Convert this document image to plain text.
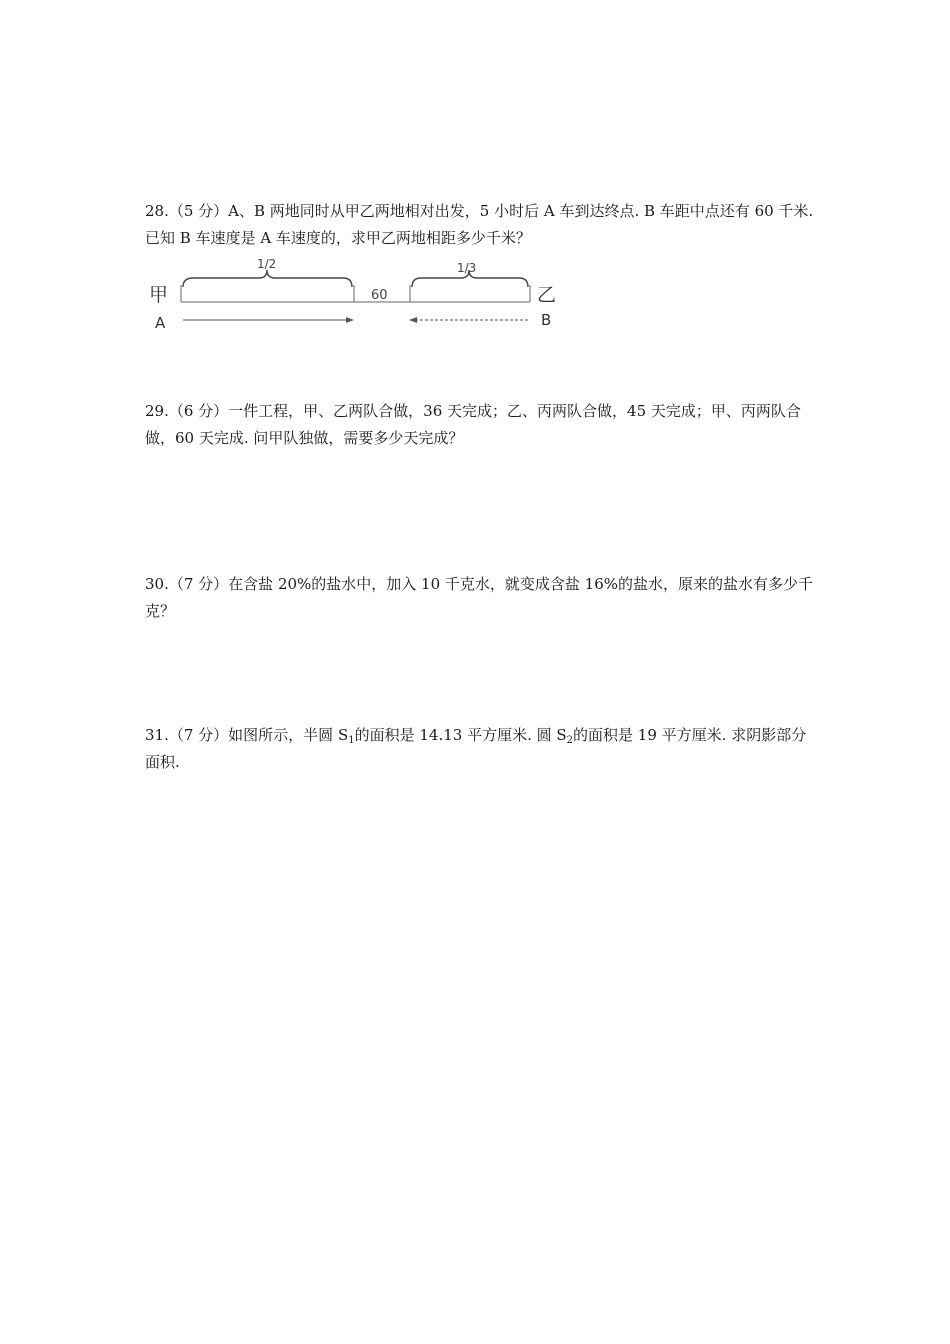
28.（5 分）A、B 两地同时从甲乙两地相对出发，5 小时后 A 车到达终点. B 车距中点还有 60 千米. 已知 B 车速度是 A 车速度的，求甲乙两地相距多少千米？
甲	乙
1/2	1/3
60
A	B
29.（6 分）一件工程，甲、乙两队合做，36 天完成；乙、丙两队合做，45 天完成；甲、丙两队合做，60 天完成. 问甲队独做，需要多少天完成？
30.（7 分）在含盐 20%的盐水中，加入 10 千克水，就变成含盐 16%的盐水，原来的盐水有多少千克？
31.（7 分）如图所示，半圆 $S_1$的面积是 14.13 平方厘米. 圆 $S_2$的面积是 19 平方厘米. 求阴影部分面积.
